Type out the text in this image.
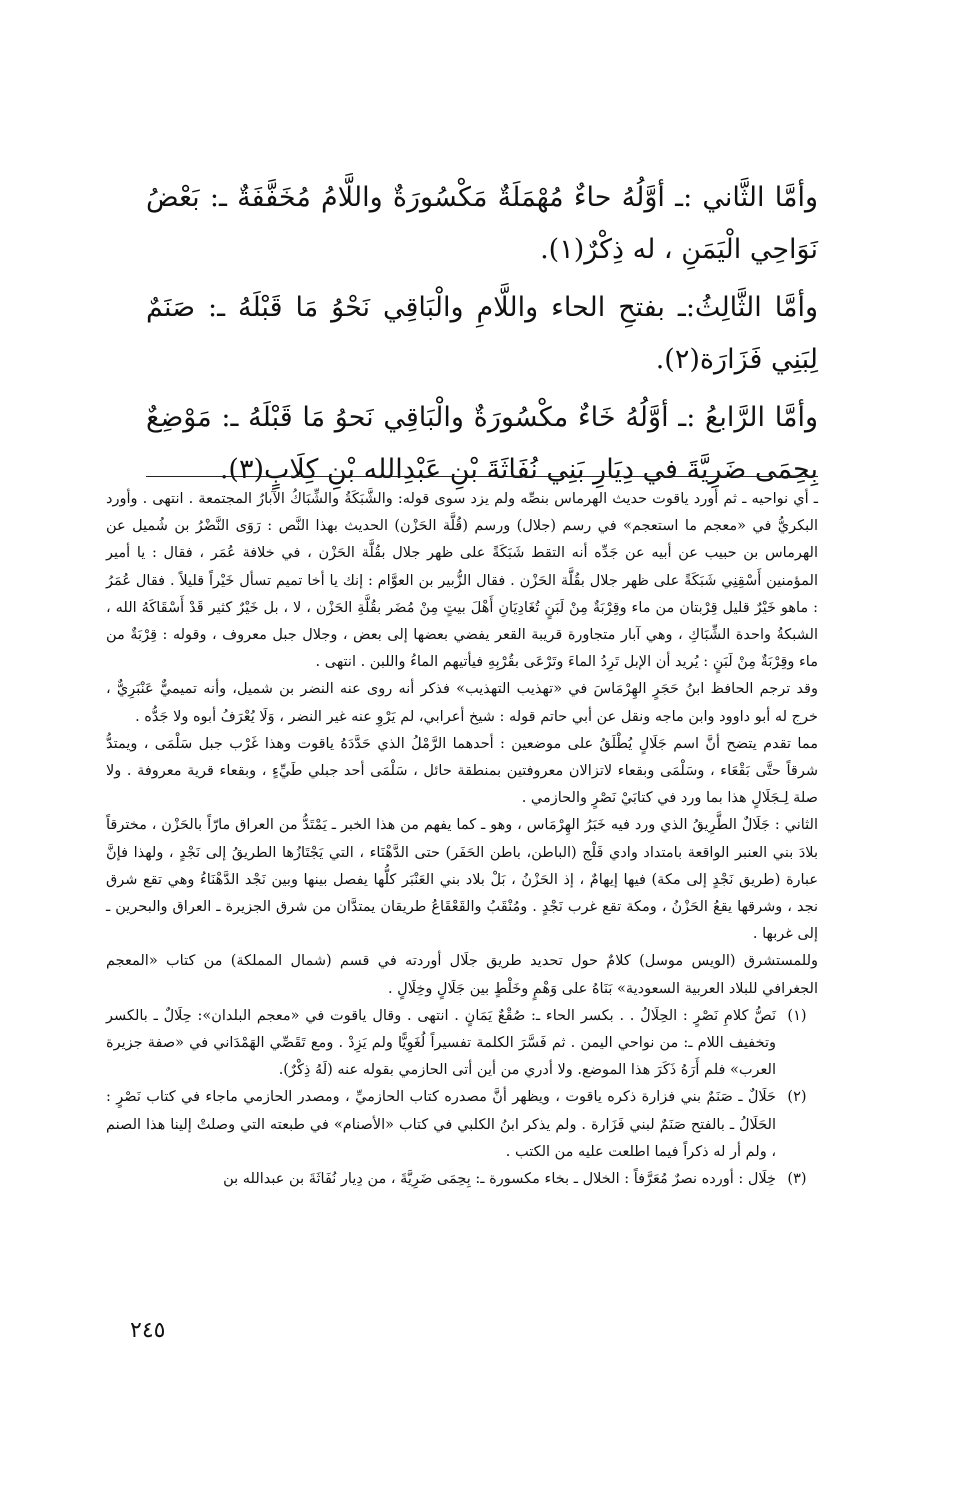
وأمَّا الثَّاني :ـ أوَّلُهُ حاءٌ مُهْمَلَةٌ مَكْسُورَةٌ واللَّامُ مُخَفَّفَةٌ ـ: بَعْضُ نَوَاحِي الْيَمَنِ ، له ذِكْرٌ(١).

وأمَّا الثَّالِثُ:ـ بفتحِ الحاء واللَّامِ والْبَاقِي نَحْوُ مَا قَبْلَهُ ـ: صَنَمٌ لِبَنِي فَزَارَة(٢).

وأمَّا الرَّابعُ :ـ أوَّلُهُ خَاءٌ مكْسُورَةٌ والْبَاقِي نَحوُ مَا قَبْلَهُ ـ: مَوْضِعٌ بِحِمَى ضَرِيَّةَ في دِيَارِ بَنِي نُفَاثَةَ بْنِ عَبْدِالله بْنِ كِلَابٍ(٣).

ـ أي نواحيه ـ ثم أورد ياقوت حديث الهرماس بنصِّه ولم يزد سوى قوله: والشَّبَكَةُ والشِّبَاكُ الآبارُ المجتمعة . انتهى . وأورد البكريُّ في «معجم ما استعجم» في رسم (جلال) ورسم (قُلَّة الحَزْن) الحديث بهذا النَّص : رَوَى النَّضْرُ بن شُميل عن الهرماس بن حبيب عن أبيه عن جَدِّه أنه التقط شَبَكَةً على ظهر جلال بقُلَّة الحَزْن ، في خلافة عُمَر ، فقال : يا أمير المؤمنين أَسْقِنِي شَبَكَةً على ظهر جلال بقُلَّة الحَزْن . فقال الزُّبير بن العوَّام : إنك يا أخا تميم تسأل خَيْراً قليلاً . فقال عُمَرُ : ماهو خَيْرٌ قليل قِرْبتان من ماء وقِرْبَةٌ مِنْ لَبَنٍ تُغَادِيَانِ أَهْلَ بيتٍ مِنْ مُضَر بقُلَّةِ الحَزْن ، لا ، بل خَيْرٌ كثير قَدْ أَسْقَاكَهُ الله ، الشبكةُ واحدة الشِّبَاكِ ، وهي آبار متجاورة قريبة القعر يفضي بعضها إلى بعض ، وجلال جبل معروف ، وقوله : قِرْبَةٌ من ماء وقِرْبَةٌ مِنْ لَبَنٍ : يُريد أن الإبل تَرِدُ الماءَ وتَرْعَى بقُرْبِهِ فيأتيهم الماءُ واللبن . انتهى .

وقد ترجم الحافظ ابنُ حَجَرٍ الهِرْمَاسَ في «تهذيب التهذيب» فذكر أنه روى عنه النضر بن شميل، وأنه تميميٌّ عَنْبَرِيٌّ ، خرج له أبو داوود وابن ماجه ونقل عن أبي حاتم قوله : شيخ أعرابي، لم يَرْوِ عنه غير النضر ، وَلَا يُعْرَفُ أبوه ولا جَدُّه .

مما تقدم يتضح أنَّ اسم جَلَالٍ يُطْلَقُ على موضعين : أحدهما الرَّمْلُ الذي حَدَّدَهُ ياقوت وهذا غَرْب جبل سَلْمَى ، ويمتدُّ شرقاً حتَّى بَقْعَاء ، وسَلْمَى وبقعاء لاتزالان معروفتين بمنطقة حائل ، سَلْمَى أحد جبلي طَيِّءٍ ، وبقعاء قرية معروفة . ولا صلة لِـجَلَالٍ هذا بما ورد في كتابَيْ نَصْرٍ والحازمي .

الثاني : جَلَالٌ الطَّرِيقُ الذي ورد فيه خَبَرُ الهِرْمَاس ، وهو ـ كما يفهم من هذا الخبر ـ يَمْتَدُّ من العراق مارّاً بالحَزْن ، مخترقاً بلادَ بني العنبر الواقعة بامتداد وادي فَلْج (الباطن، باطن الحَفَر) حتى الدَّهْنَاء ، التي يَجْتَازُها الطريقُ إلى نَجْدٍ ، ولهذا فإنَّ عبارة (طريق نَجْدٍ إلى مكة) فيها إيهامٌ ، إذ الحَزْنُ ، بَلْ بلاد بني العَنْبَر كلُّها يفصل بينها وبين نَجْد الدَّهْنَاءُ وهي تقع شرق نجد ، وشرقها يقعُ الحَزْنُ ، ومكة تقع غرب نَجْدٍ . ومُنْقَبُ والقَعْقَاعُ طريقان يمتدَّان من شرق الجزيرة ـ العراق والبحرين ـ إلى غربها .

وللمستشرق (الويس موسل) كلامٌ حول تحديد طريق جلَال أوردته في قسم (شمال المملكة) من كتاب «المعجم الجغرافي للبلاد العربية السعودية» بَنَاهُ على وَهْمٍ وخَلْطٍ بين جَلَالٍ وخِلَالٍ .

(١)
نَصُّ كلامِ نَصْرٍ : الحِلَالُ . . بكسر الحاء ـ: صُقْعٌ يَمَانٍ . انتهى . وقال ياقوت في «معجم البلدان»: حِلَالٌ ـ بالكسر وتخفيف اللام ـ: من نواحي اليمن . ثم فَسَّرَ الكلمة تفسيراً لُغَوِيًّا ولم يَزِدْ . ومع تَقَصِّي الهَمْدَاني في «صفة جزيرة العرب» فلم أَرَهُ ذَكَرَ هذا الموضع. ولا أدري من أين أتى الحازمي بقوله عنه (لَهُ ذِكْرٌ).
(٢)
حَلَالٌ ـ صَنَمٌ بني فزارة ذكره ياقوت ، ويظهر أنَّ مصدره كتاب الحازميِّ ، ومصدر الحازمي ماجاء في كتاب نَصْرٍ : الحَلَالُ ـ بالفتح صَنَمٌ لبني فَزَارة . ولم يذكر ابنُ الكلبي في كتاب «الأصنام» في طبعته التي وصلتْ إلينا هذا الصنم ، ولم أر له ذكراً فيما اطلعت عليه من الكتب .
(٣)
خِلَال : أورده نصرٌ مُعَرَّفاً : الخلال ـ بخاء مكسورة ـ: بِحِمَى ضَرِيَّةَ ، من دِيار نُفَاثَةَ بن عبدالله بن
٢٤٥
